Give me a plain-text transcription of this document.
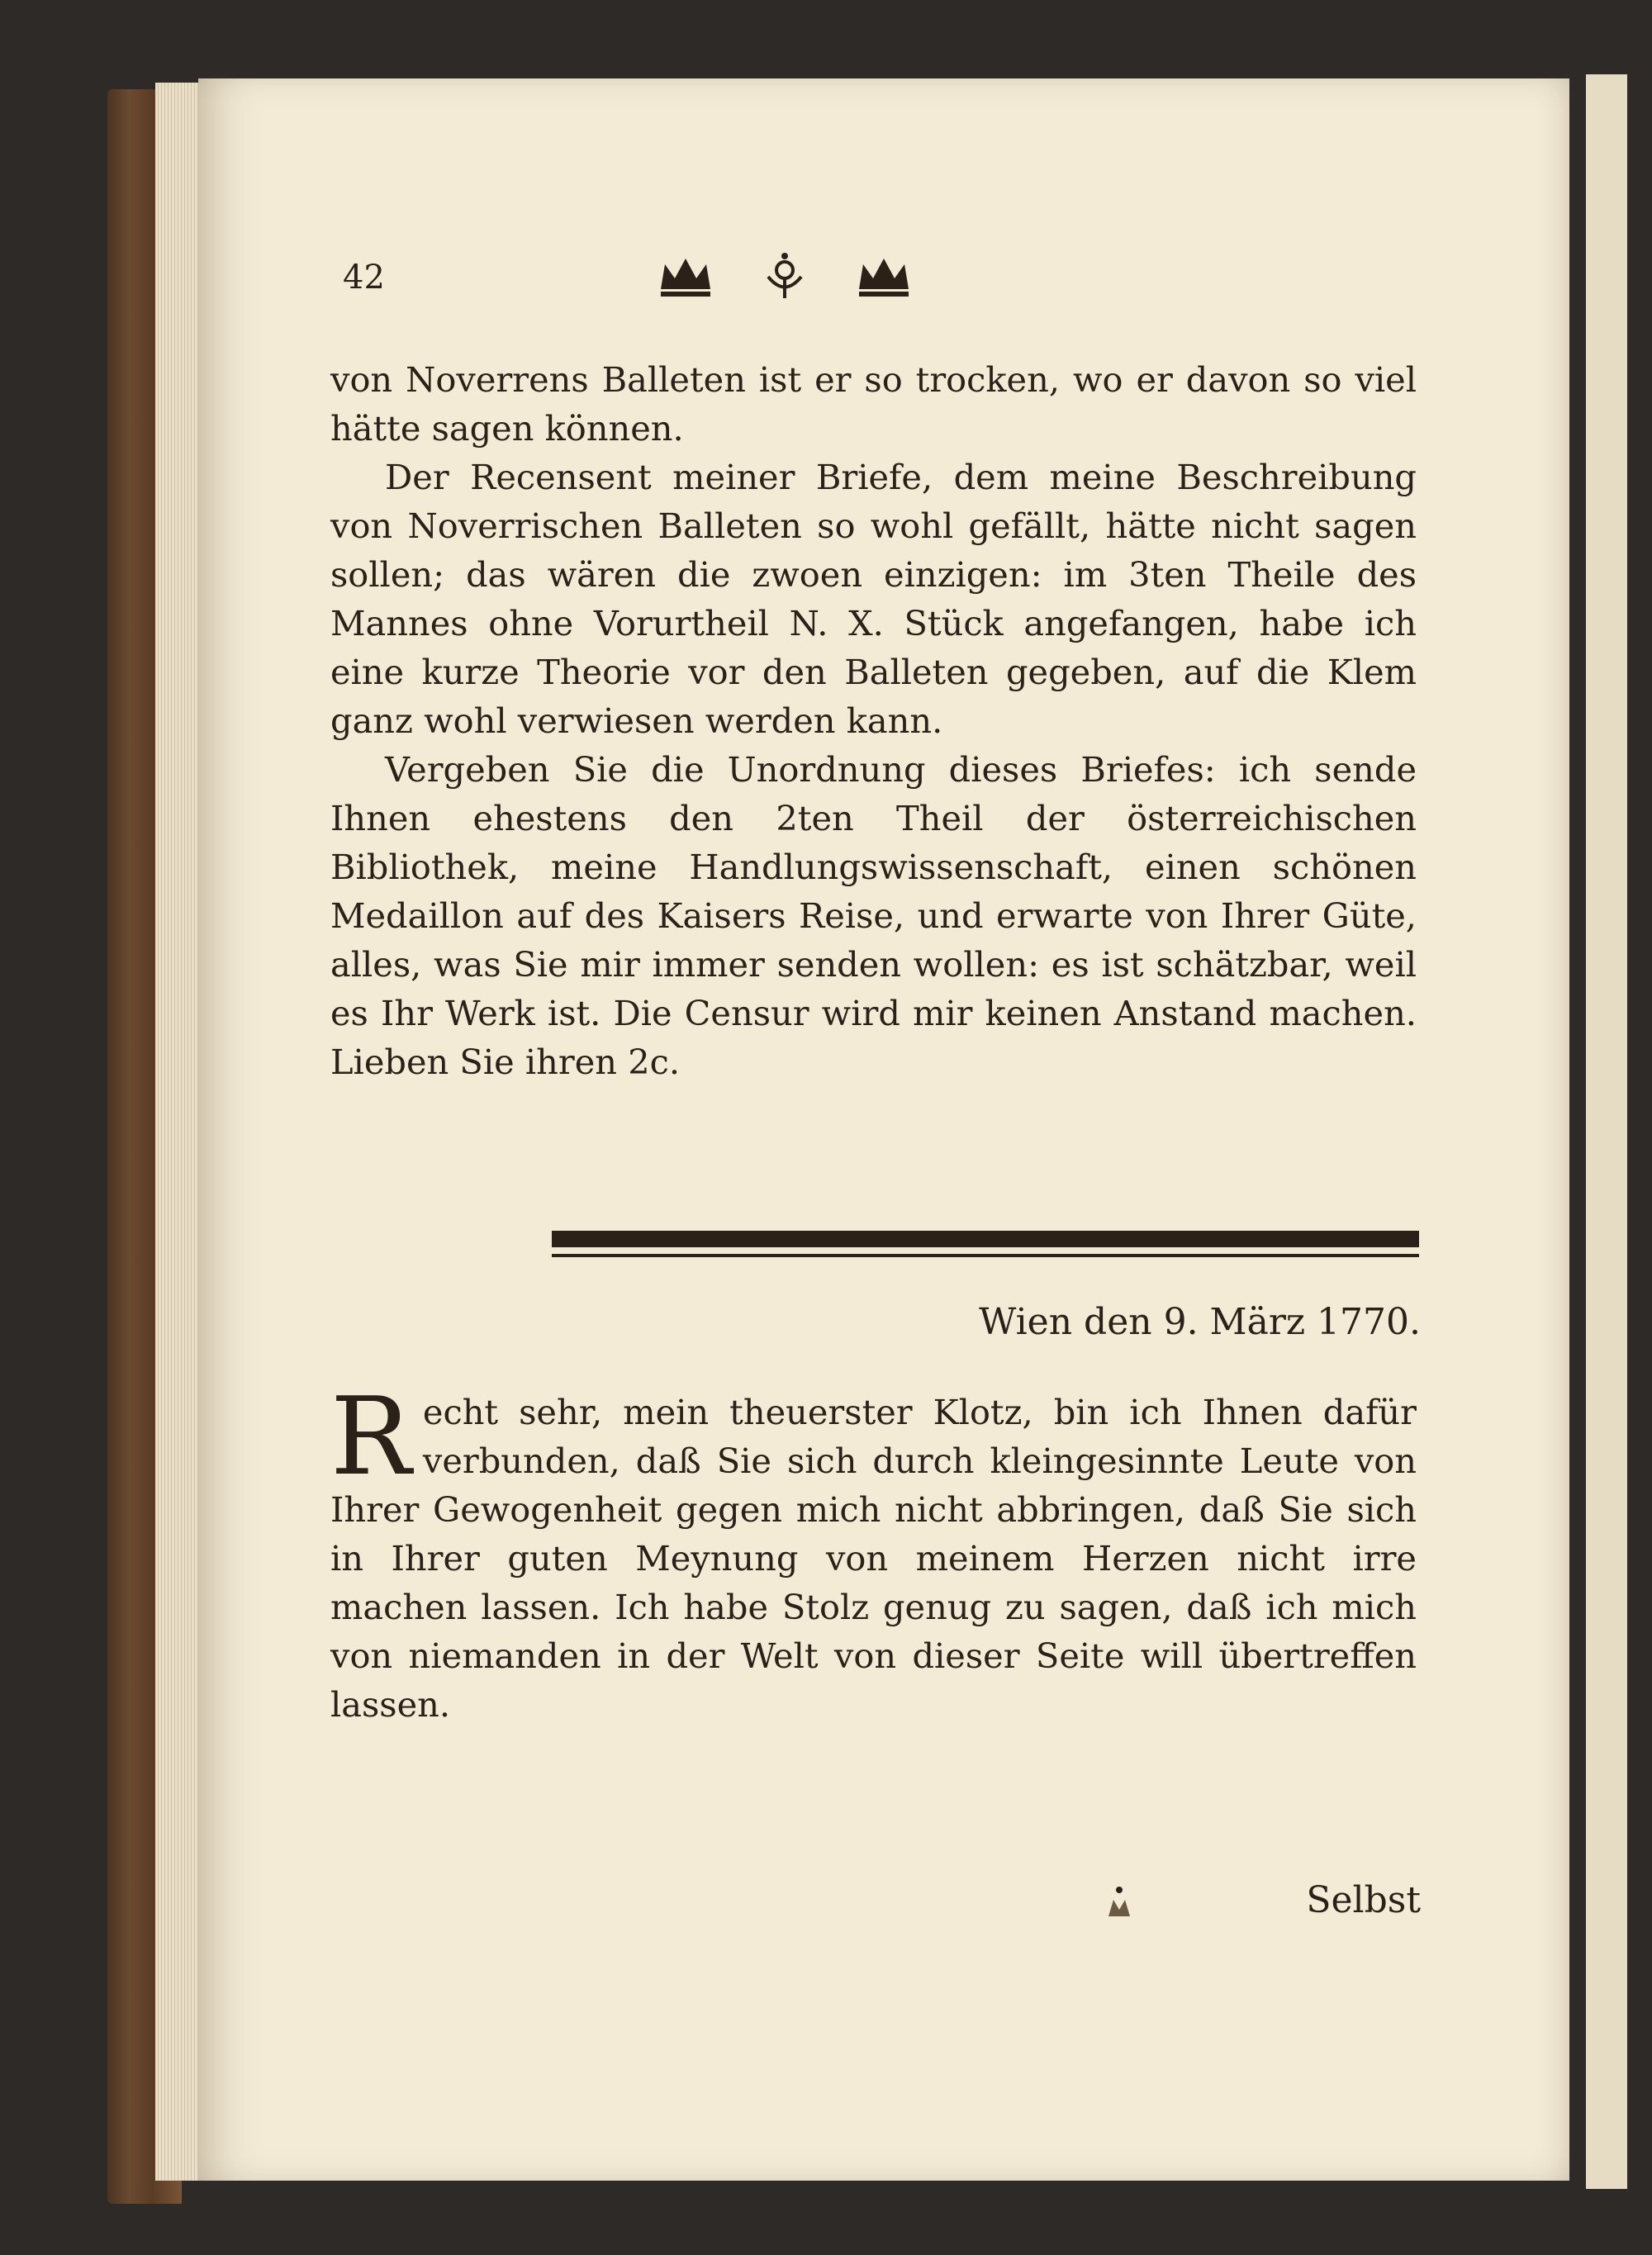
42

von Noverrens Balleten ist er so trocken, wo er davon so viel hätte sagen können.

Der Recensent meiner Briefe, dem meine Beschreibung von Noverrischen Balleten so wohl gefällt, hätte nicht sagen sollen; das wären die zwoen einzigen: im 3ten Theile des Mannes ohne Vorurtheil N. X. Stück angefangen, habe ich eine kurze Theorie vor den Balleten gegeben, auf die Klem ganz wohl verwiesen werden kann.

Vergeben Sie die Unordnung dieses Briefes: ich sende Ihnen ehestens den 2ten Theil der österreichischen Bibliothek, meine Handlungswissenschaft, einen schönen Medaillon auf des Kaisers Reise, und erwarte von Ihrer Güte, alles, was Sie mir immer senden wollen: es ist schätzbar, weil es Ihr Werk ist. Die Censur wird mir keinen Anstand machen. Lieben Sie ihren 2c.

Wien den 9. März 1770.

R echt sehr, mein theuerster Klotz, bin ich Ihnen dafür verbunden, daß Sie sich durch kleingesinnte Leute von Ihrer Gewogenheit gegen mich nicht abbringen, daß Sie sich in Ihrer guten Meynung von meinem Herzen nicht irre machen lassen. Ich habe Stolz genug zu sagen, daß ich mich von niemanden in der Welt von dieser Seite will übertreffen lassen.

Selbst
